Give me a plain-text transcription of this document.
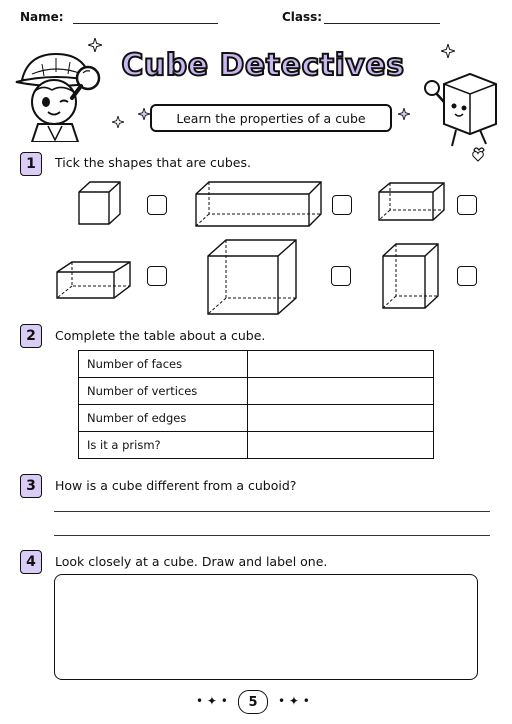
Name:	Class:
Cube Detectives
Learn the properties of a cube
1	Tick the shapes that are cubes.
2	Complete the table about a cube.
Number of faces	
Number of vertices	
Number of edges	
Is it a prism?	
3	How is a cube different from a cuboid?
4	Look closely at a cube. Draw and label one.
• ✦ •	5	• ✦ •
